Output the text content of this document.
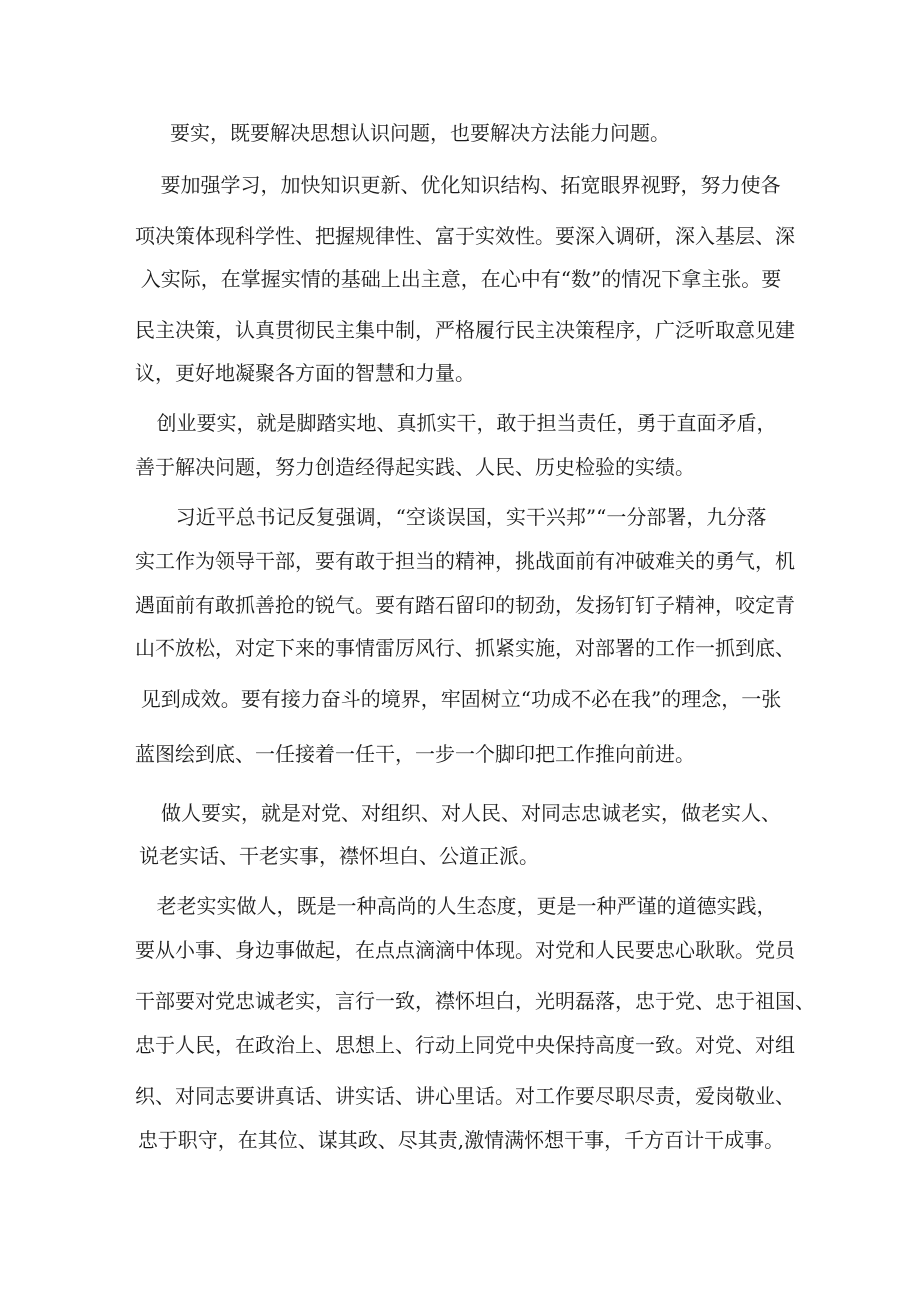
要实，既要解决思想认识问题，也要解决方法能力问题。
要加强学习，加快知识更新、优化知识结构、拓宽眼界视野，努力使各
项决策体现科学性、把握规律性、富于实效性。要深入调研，深入基层、深
入实际，在掌握实情的基础上出主意，在心中有“数”的情况下拿主张。要
民主决策，认真贯彻民主集中制，严格履行民主决策程序，广泛听取意见建
议，更好地凝聚各方面的智慧和力量。
创业要实，就是脚踏实地、真抓实干，敢于担当责任，勇于直面矛盾，
善于解决问题，努力创造经得起实践、人民、历史检验的实绩。
习近平总书记反复强调，“空谈误国，实干兴邦”“一分部署，九分落
实工作为领导干部，要有敢于担当的精神，挑战面前有冲破难关的勇气，机
遇面前有敢抓善抢的锐气。要有踏石留印的韧劲，发扬钉钉子精神，咬定青
山不放松，对定下来的事情雷厉风行、抓紧实施，对部署的工作一抓到底、
见到成效。要有接力奋斗的境界，牢固树立“功成不必在我”的理念，一张
蓝图绘到底、一任接着一任干，一步一个脚印把工作推向前进。
做人要实，就是对党、对组织、对人民、对同志忠诚老实，做老实人、
说老实话、干老实事，襟怀坦白、公道正派。
老老实实做人，既是一种高尚的人生态度，更是一种严谨的道德实践，
要从小事、身边事做起，在点点滴滴中体现。对党和人民要忠心耿耿。党员
干部要对党忠诚老实，言行一致，襟怀坦白，光明磊落，忠于党、忠于祖国、
忠于人民，在政治上、思想上、行动上同党中央保持高度一致。对党、对组
织、对同志要讲真话、讲实话、讲心里话。对工作要尽职尽责，爱岗敬业、
忠于职守，在其位、谋其政、尽其责,激情满怀想干事，千方百计干成事。
